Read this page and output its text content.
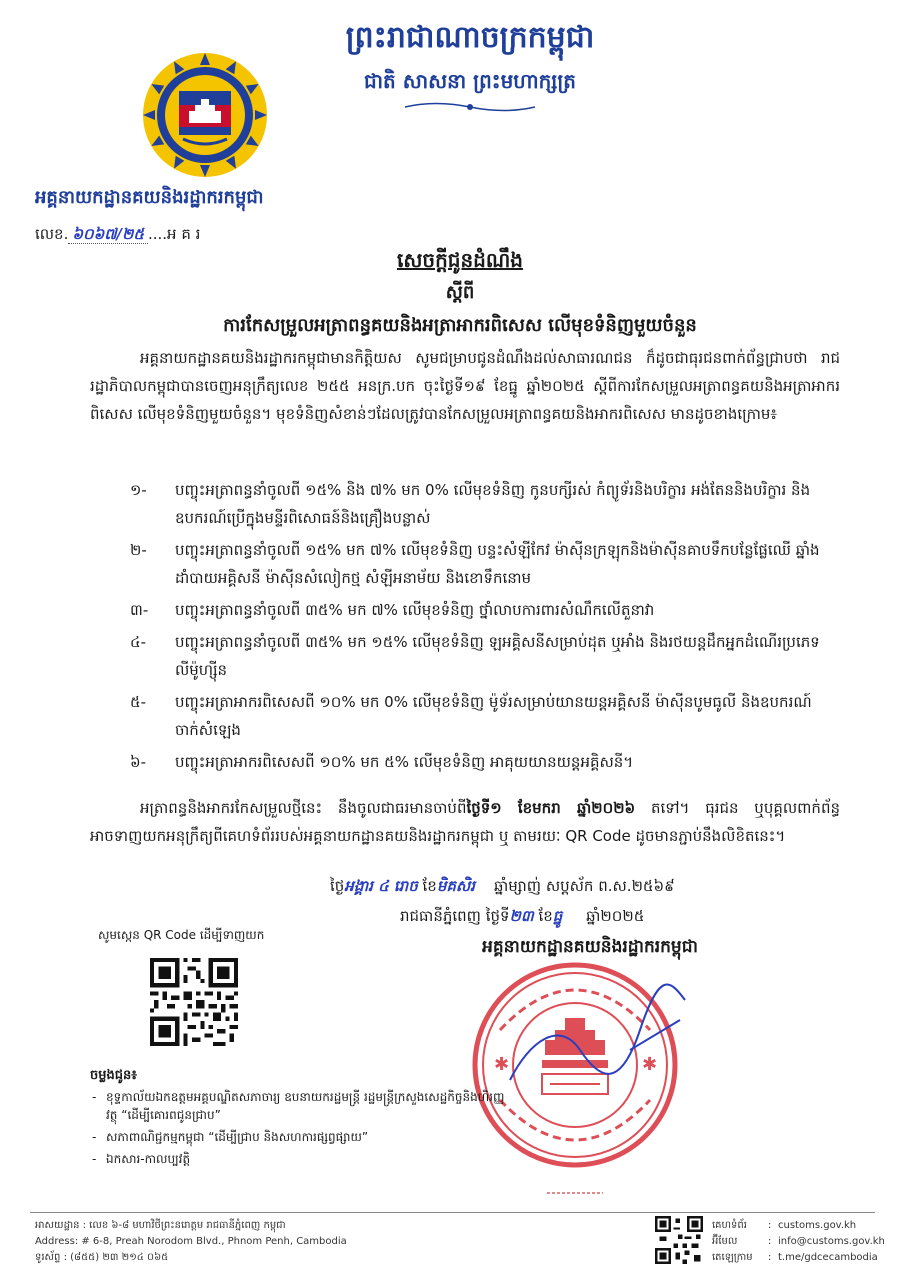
ព្រះរាជាណាចក្រកម្ពុជា
ជាតិ សាសនា ព្រះមហាក្សត្រ
អគ្គនាយកដ្ឋានគយនិងរដ្ឋាករកម្ពុជា
លេខ. ៦០៦៧/២៥ ....អ គ រ
សេចក្ដីជូនដំណឹង
ស្ដីពី
ការកែសម្រួលអត្រាពន្ធគយនិងអត្រាអាករពិសេស លើមុខទំនិញមួយចំនួន
អគ្គនាយកដ្ឋានគយនិងរដ្ឋាករកម្ពុជាមានកិត្តិយស សូមជម្រាបជូនដំណឹងដល់សាធារណជន ក៏ដូចជាធុរជនពាក់ព័ន្ធជ្រាបថា រាជរដ្ឋាភិបាលកម្ពុជាបានចេញអនុក្រឹត្យលេខ ២៥៥ អនក្រ.បក ចុះថ្ងៃទី១៩ ខែធ្នូ ឆ្នាំ២០២៥ ស្ដីពីការកែសម្រួលអត្រាពន្ធគយនិងអត្រាអាករពិសេស លើមុខទំនិញមួយចំនួន។ មុខទំនិញសំខាន់ៗដែលត្រូវបានកែសម្រួលអត្រាពន្ធគយនិងអាករពិសេស មានដូចខាងក្រោម៖
១-	បញ្ចុះអត្រាពន្ធនាំចូលពី ១៥% និង ៧% មក 0% លើមុខទំនិញ កូនបក្សីរស់ កំព្យូទ័រនិងបរិក្ខារ អង់តែននិងបរិក្ខារ និងឧបករណ៍ប្រើក្នុងមន្ទីរពិសោធន៍និងគ្រឿងបន្លាស់
២-	បញ្ចុះអត្រាពន្ធនាំចូលពី ១៥% មក ៧% លើមុខទំនិញ បន្ទះសំឡីកែវ ម៉ាស៊ីនក្រឡុកនិងម៉ាស៊ីនគាបទឹកបន្លែផ្លែឈើ ឆ្នាំងដាំបាយអគ្គិសនី ម៉ាស៊ីនសំលៀកថ្ម សំឡីអនាម័យ និងខោទឹកនោម
៣-	បញ្ចុះអត្រាពន្ធនាំចូលពី ៣៥% មក ៧% លើមុខទំនិញ ថ្នាំលាបការពារសំណឹកលើតួនាវា
៤-	បញ្ចុះអត្រាពន្ធនាំចូលពី ៣៥% មក ១៥% លើមុខទំនិញ ឡអគ្គិសនីសម្រាប់ដុត ឬអាំង និងរថយន្តដឹកអ្នកដំណើរប្រភេទលីម៉ូហ្ស៊ីន
៥-	បញ្ចុះអត្រាអាករពិសេសពី ១០% មក 0% លើមុខទំនិញ ម៉ូទ័រសម្រាប់យានយន្តអគ្គិសនី ម៉ាស៊ីនបូមធូលី និងឧបករណ៍ចាក់សំឡេង
៦-	បញ្ចុះអត្រាអាករពិសេសពី ១០% មក ៥% លើមុខទំនិញ អាគុយយានយន្តអគ្គិសនី។
អត្រាពន្ធនិងអាករកែសម្រួលថ្មីនេះ នឹងចូលជាធរមានចាប់ពីថ្ងៃទី១ ខែមករា ឆ្នាំ២០២៦ តទៅ។ ធុរជន ឬបុគ្គលពាក់ព័ន្ធអាចទាញយកអនុក្រឹត្យពីគេហទំព័ររបស់អគ្គនាយកដ្ឋានគយនិងរដ្ឋាករកម្ពុជា ឬ តាមរយៈ QR Code ដូចមានភ្ជាប់នឹងលិខិតនេះ។
ថ្ងៃអង្គារ ៤ រោច ខែមិគសិរ ឆ្នាំម្សាញ់ សប្ដស័ក ព.ស.២៥៦៩
រាជធានីភ្នំពេញ ថ្ងៃទី២៣ ខែធ្នូ ឆ្នាំ២០២៥
✱	✱
អគ្គនាយកដ្ឋានគយនិងរដ្ឋាករកម្ពុជា
សូមស្កេន QR Code ដើម្បីទាញយក
ចម្លងជូន៖
- ខុទ្ទកាល័យឯកឧត្តមអគ្គបណ្ឌិតសភាចារ្យ ឧបនាយករដ្ឋមន្ត្រី រដ្ឋមន្ត្រីក្រសួងសេដ្ឋកិច្ចនិងហិរញ្ញវត្ថុ “ដើម្បីគោរពជូនជ្រាប”
- សភាពាណិជ្ជកម្មកម្ពុជា “ដើម្បីជ្រាប និងសហការផ្សព្វផ្សាយ”
- ឯកសារ-កាលប្បវត្តិ
អាសយដ្ឋាន : លេខ ៦-៨ មហាវិថីព្រះនរោត្តម រាជធានីភ្នំពេញ កម្ពុជា
Address: # 6-8, Preah Norodom Blvd., Phnom Penh, Cambodia
ទូរស័ព្ទ : (៨៥៥) ២៣ ២១៤ ០៦៥
គេហទំព័រ	: customs.gov.kh
អ៊ីមែល	: info@customs.gov.kh
តេឡេក្រាម	: t.me/gdcecambodia
